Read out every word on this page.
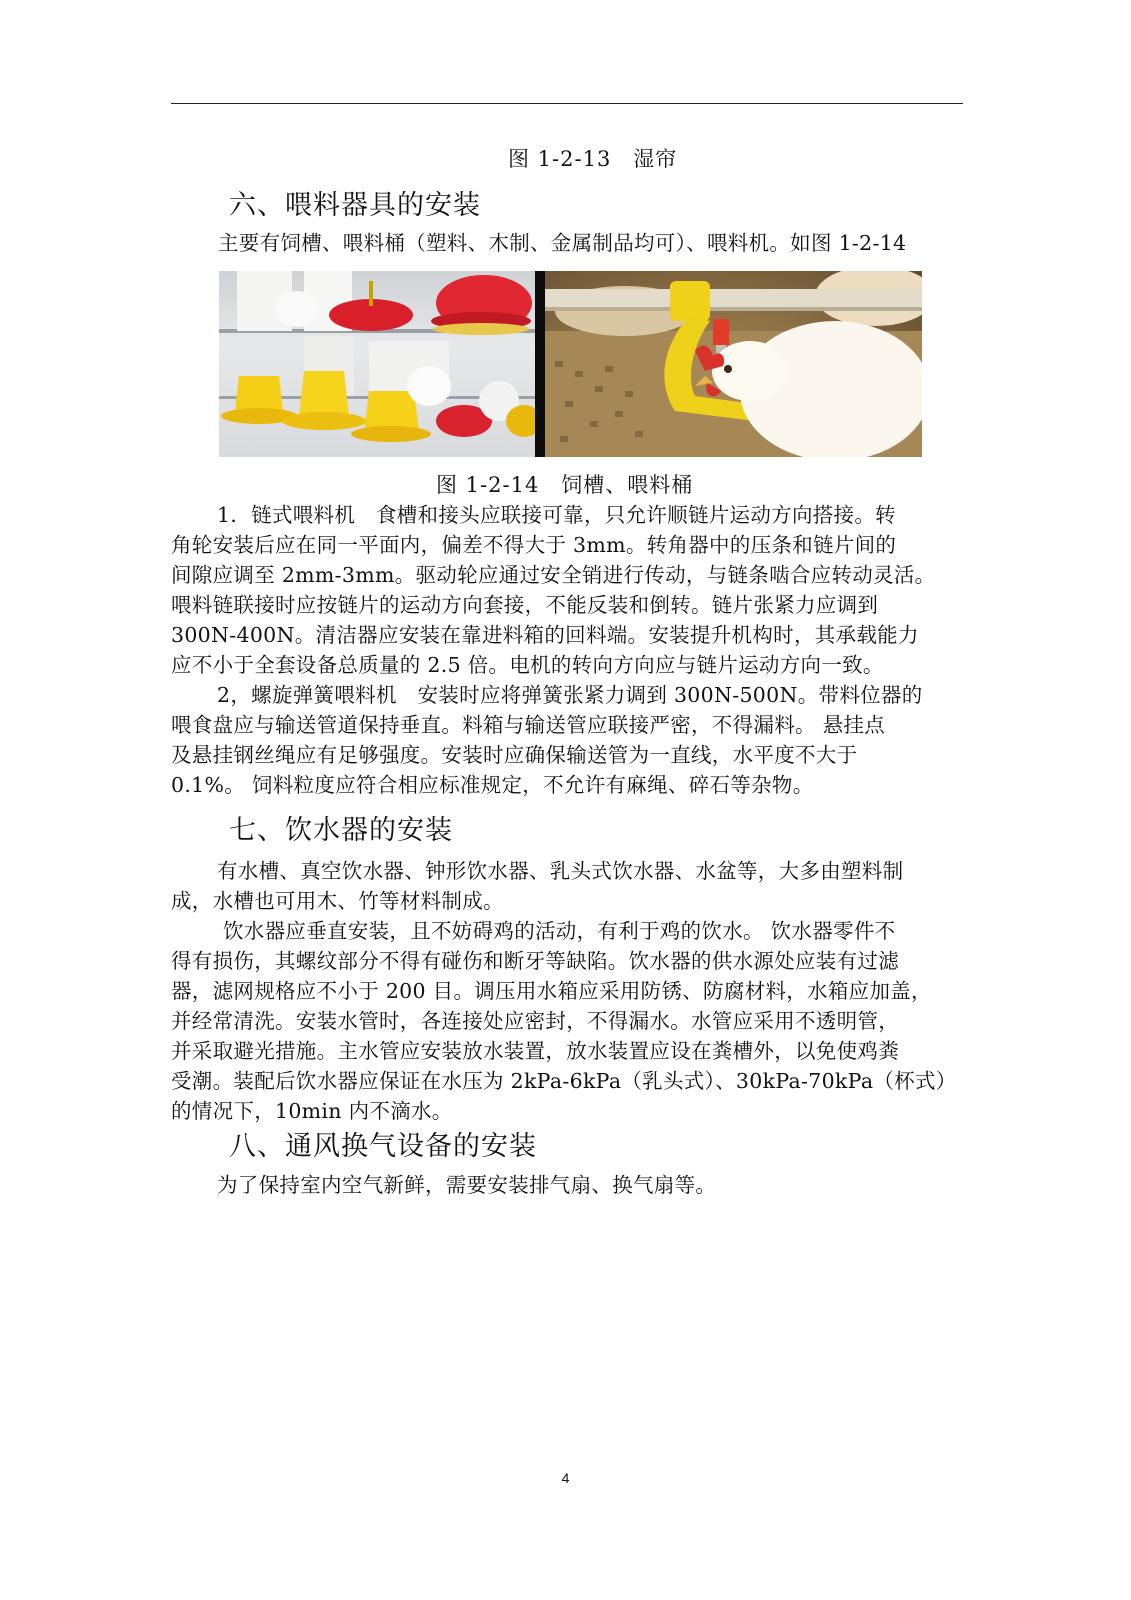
图 1-2-13　湿帘
六、喂料器具的安装
主要有饲槽、喂料桶（塑料、木制、金属制品均可）、喂料机。如图 1-2-14
图 1-2-14　饲槽、喂料桶
1．链式喂料机　食槽和接头应联接可靠，只允许顺链片运动方向搭接。转
角轮安装后应在同一平面内，偏差不得大于 3mm。转角器中的压条和链片间的
间隙应调至 2mm-3mm。驱动轮应通过安全销进行传动，与链条啮合应转动灵活。
喂料链联接时应按链片的运动方向套接，不能反装和倒转。链片张紧力应调到
300N-400N。清洁器应安装在靠进料箱的回料端。安装提升机构时，其承载能力
应不小于全套设备总质量的 2.5 倍。电机的转向方向应与链片运动方向一致。
2，螺旋弹簧喂料机　安装时应将弹簧张紧力调到 300N-500N。带料位器的
喂食盘应与输送管道保持垂直。料箱与输送管应联接严密，不得漏料。 悬挂点
及悬挂钢丝绳应有足够强度。安装时应确保输送管为一直线，水平度不大于
0.1%。 饲料粒度应符合相应标准规定，不允许有麻绳、碎石等杂物。
七、饮水器的安装
有水槽、真空饮水器、钟形饮水器、乳头式饮水器、水盆等，大多由塑料制
成，水槽也可用木、竹等材料制成。
饮水器应垂直安装，且不妨碍鸡的活动，有利于鸡的饮水。 饮水器零件不
得有损伤，其螺纹部分不得有碰伤和断牙等缺陷。饮水器的供水源处应装有过滤
器，滤网规格应不小于 200 目。调压用水箱应采用防锈、防腐材料，水箱应加盖，
并经常清洗。安装水管时，各连接处应密封，不得漏水。水管应采用不透明管，
并采取避光措施。主水管应安装放水装置，放水装置应设在粪槽外，以免使鸡粪
受潮。装配后饮水器应保证在水压为 2kPa-6kPa（乳头式）、30kPa-70kPa（杯式）
的情况下，10min 内不滴水。
八、通风换气设备的安装
为了保持室内空气新鲜，需要安装排气扇、换气扇等。
4
